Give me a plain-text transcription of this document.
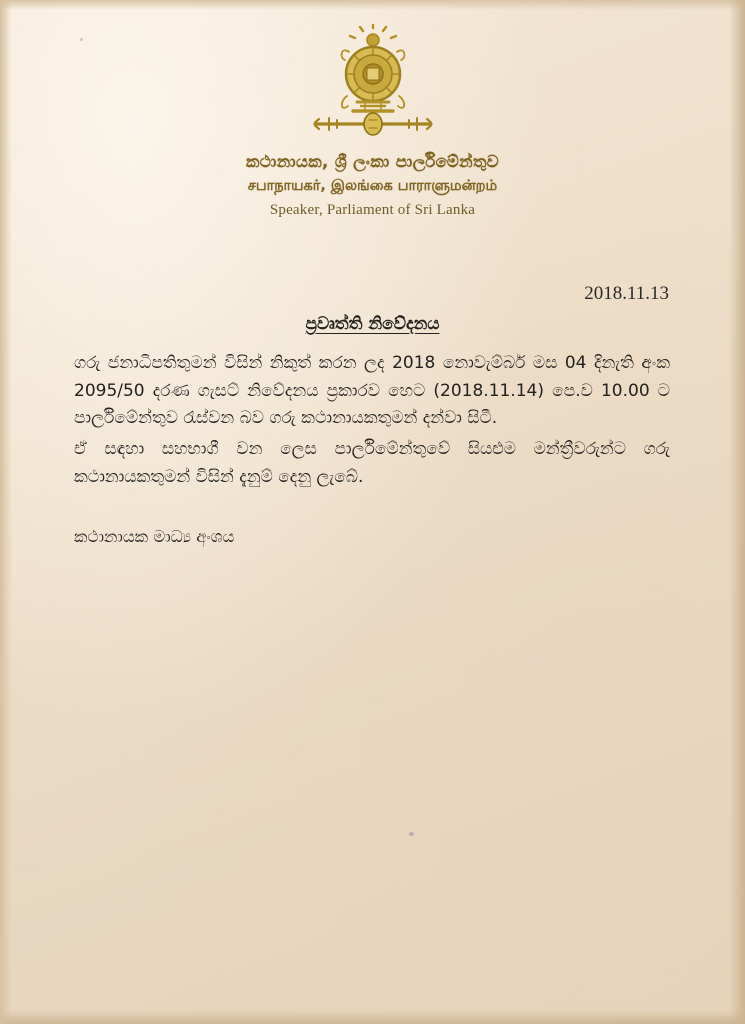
කථානායක, ශ්‍රී ලංකා පාර්ලිමේන්තුව
சபாநாயகர், இலங்கை பாராளுமன்றம்
Speaker, Parliament of Sri Lanka
2018.11.13
ප්‍රවෘත්ති නිවේදනය
ගරු ජනාධිපතිතුමන් විසින් නිකුත් කරන ලද 2018 නොවැම්බර් මස 04 දිනැති අංක 2095/50 දරණ ගැසට් නිවේදනය ප්‍රකාරව හෙට (2018.11.14) පෙ.ව 10.00 ට පාර්ලිමේන්තුව රැස්වන බව ගරු කථානායකතුමන් දන්වා සිටී.
ඒ සඳහා සහභාගී වන ලෙස පාර්ලිමේන්තුවේ සියළුම මන්ත්‍රීවරුන්ට ගරු කථානායකතුමන් විසින් දැනුම් දෙනු ලැබේ.
කථානායක මාධ්‍ය අංශය
